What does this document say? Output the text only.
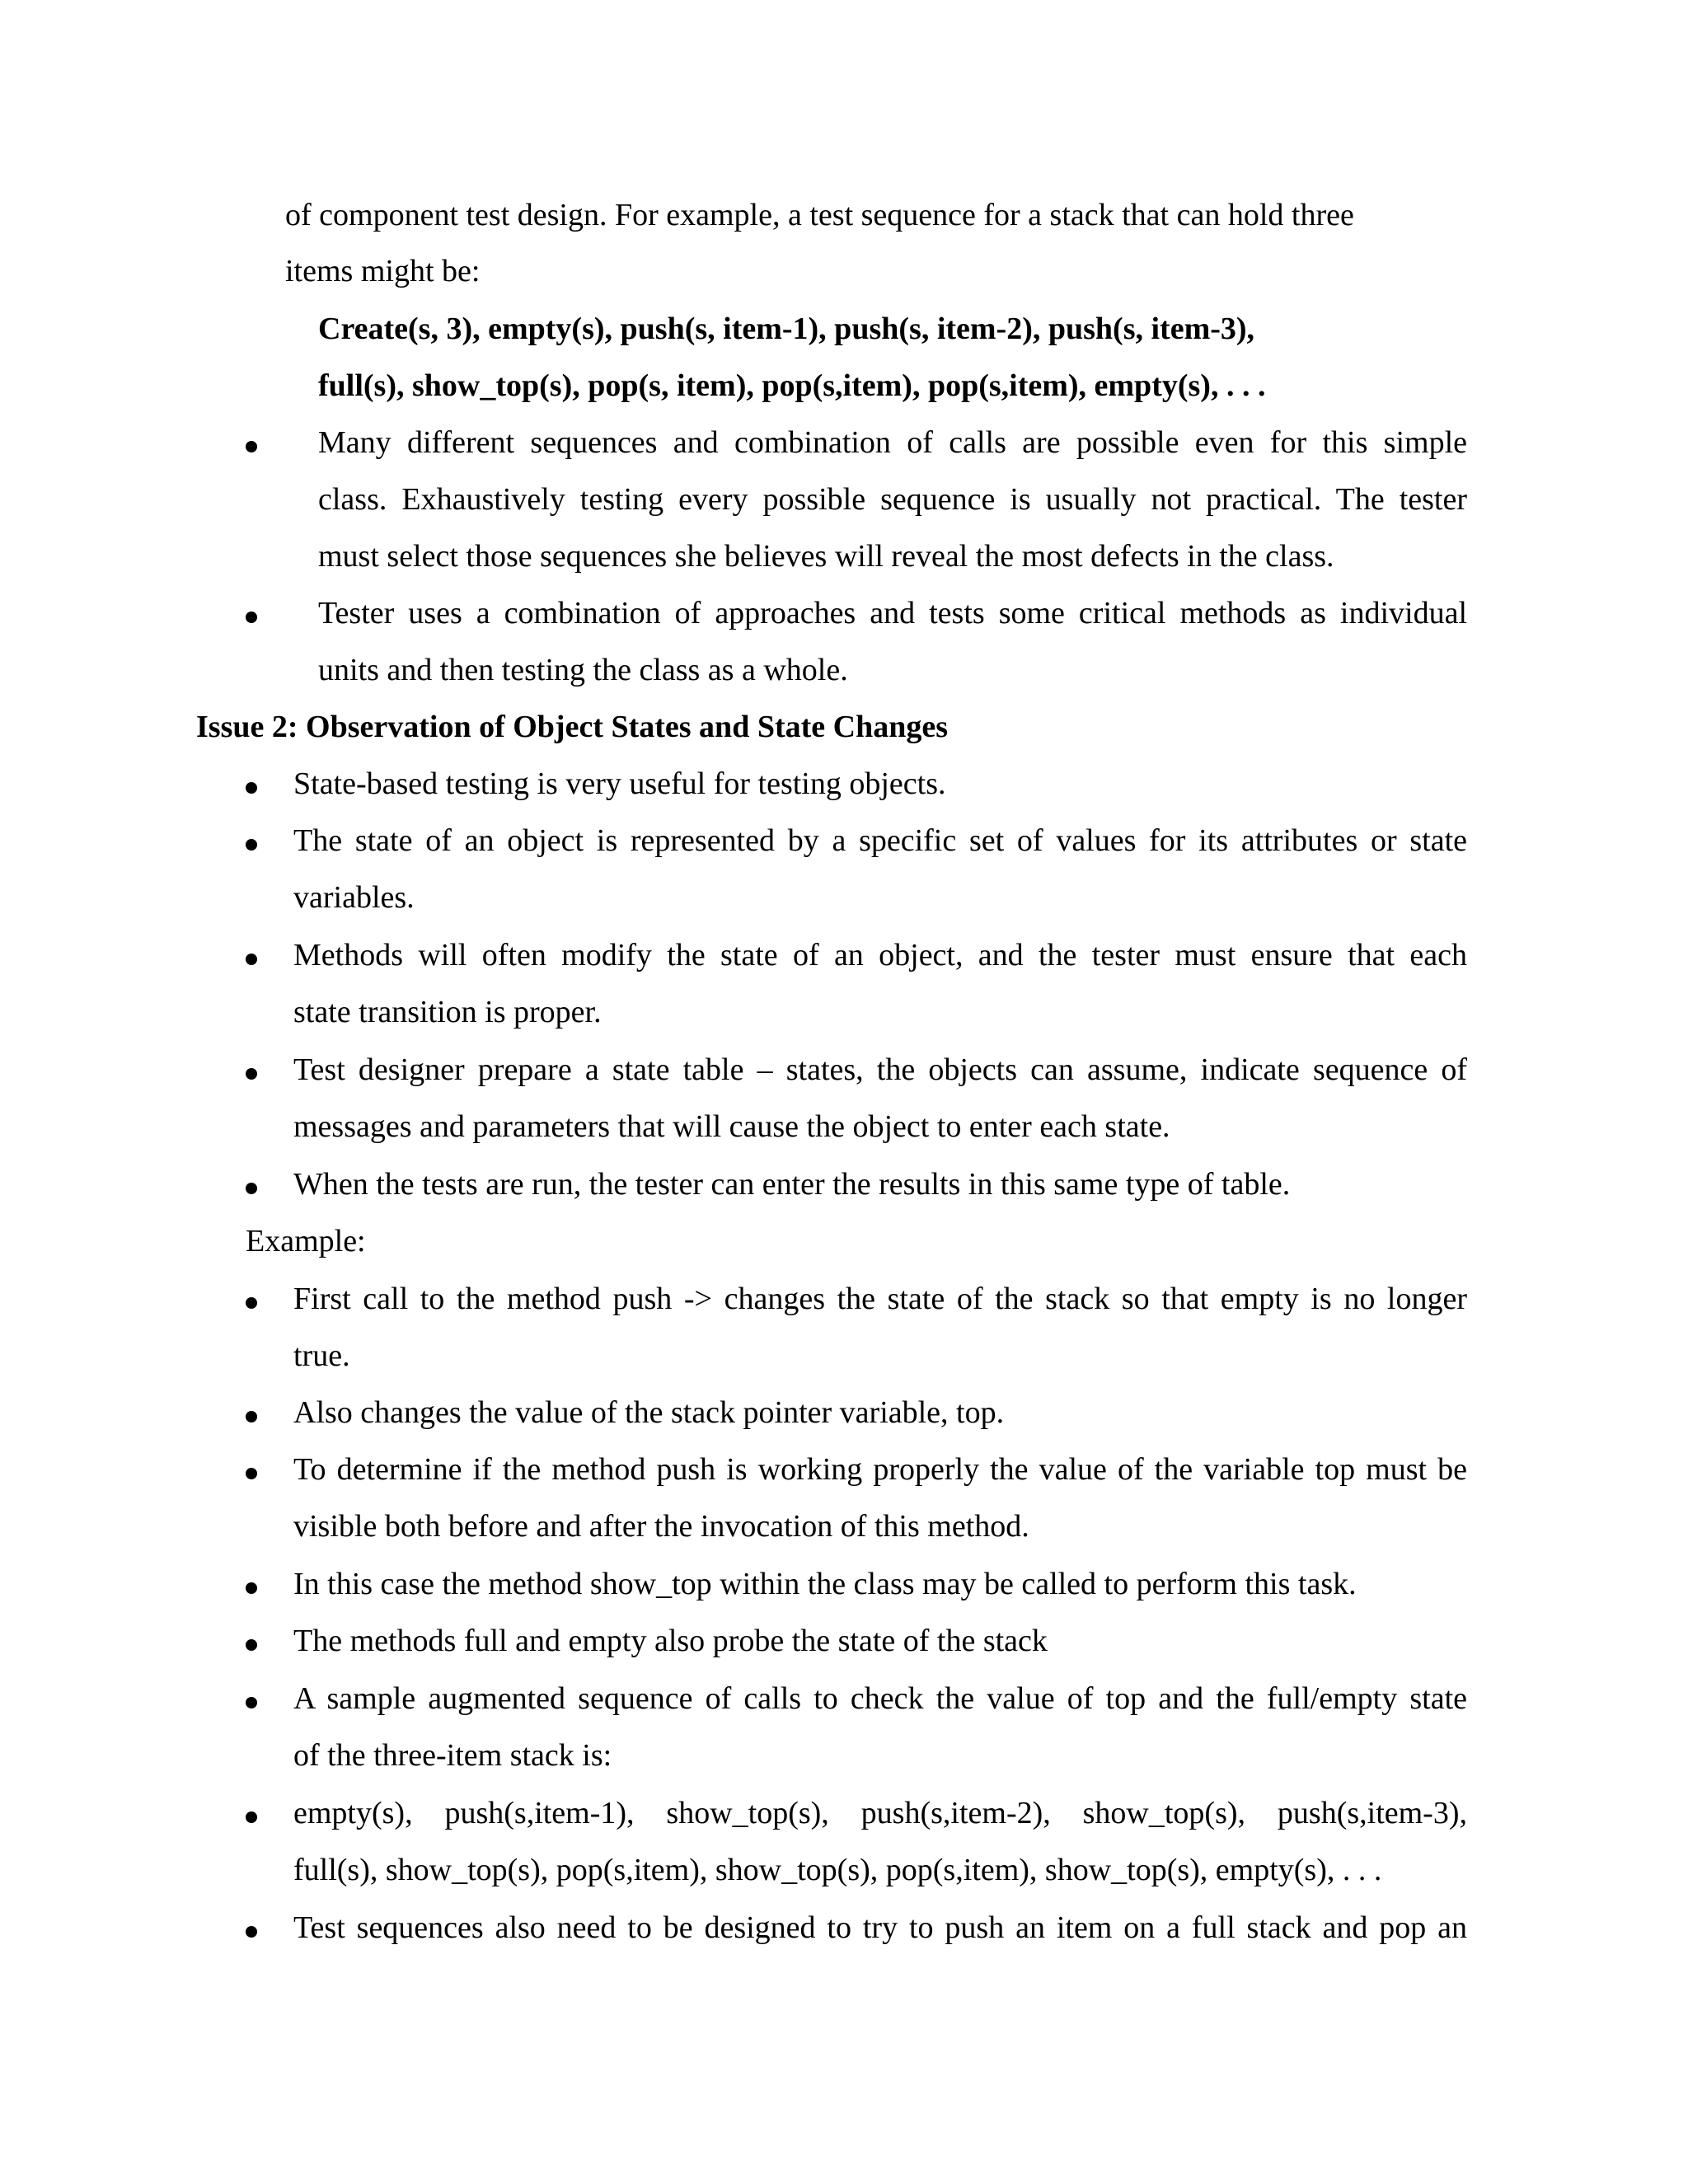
of component test design. For example, a test sequence for a stack that can hold three
items might be:
Create(s, 3), empty(s), push(s, item-1), push(s, item-2), push(s, item-3),
full(s), show_top(s), pop(s, item), pop(s,item), pop(s,item), empty(s), . . .
Many different sequences and combination of calls are possible even for this simple
class. Exhaustively testing every possible sequence is usually not practical. The tester
must select those sequences she believes will reveal the most defects in the class.
Tester uses a combination of approaches and tests some critical methods as individual
units and then testing the class as a whole.
Issue 2: Observation of Object States and State Changes
State-based testing is very useful for testing objects.
The state of an object is represented by a specific set of values for its attributes or state
variables.
Methods will often modify the state of an object, and the tester must ensure that each
state transition is proper.
Test designer prepare a state table – states, the objects can assume, indicate sequence of
messages and parameters that will cause the object to enter each state.
When the tests are run, the tester can enter the results in this same type of table.
Example:
First call to the method push -> changes the state of the stack so that empty is no longer
true.
Also changes the value of the stack pointer variable, top.
To determine if the method push is working properly the value of the variable top must be
visible both before and after the invocation of this method.
In this case the method show_top within the class may be called to perform this task.
The methods full and empty also probe the state of the stack
A sample augmented sequence of calls to check the value of top and the full/empty state
of the three-item stack is:
empty(s), push(s,item-1), show_top(s), push(s,item-2), show_top(s), push(s,item-3),
full(s), show_top(s), pop(s,item), show_top(s), pop(s,item), show_top(s), empty(s), . . .
Test sequences also need to be designed to try to push an item on a full stack and pop an
